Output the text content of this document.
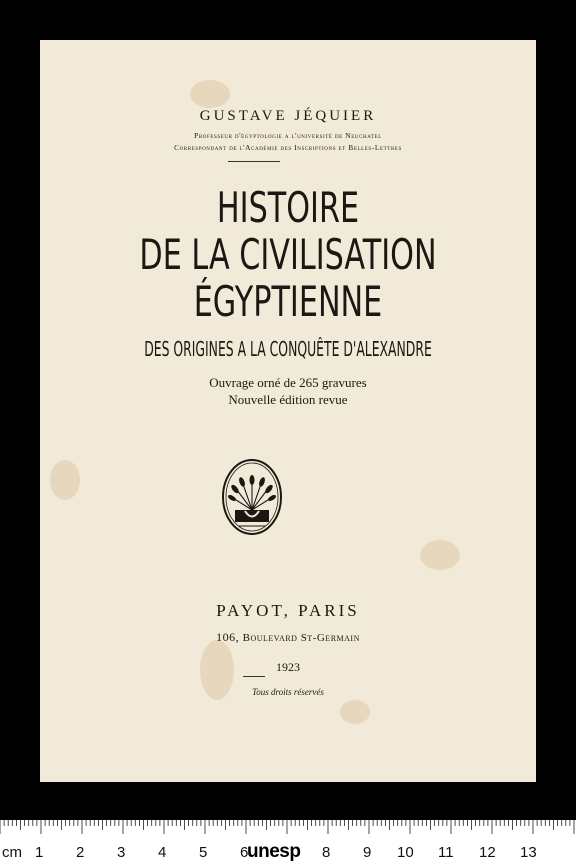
GUSTAVE JÉQUIER

Professeur d'égyptologie a l'université de Neuchatel

Correspondant de l'Académie des Inscriptions et Belles-Lettres

HISTOIRE

DE LA CIVILISATION

ÉGYPTIENNE

DES ORIGINES A LA CONQUÊTE D'ALEXANDRE

Ouvrage orné de 265 gravures

Nouvelle édition revue

PAYOT, PARIS

106, Boulevard St-Germain

1923

Tous droits réservés

cm 1 2 3 4 5 6
unesp 8 9 10 11 12 13
